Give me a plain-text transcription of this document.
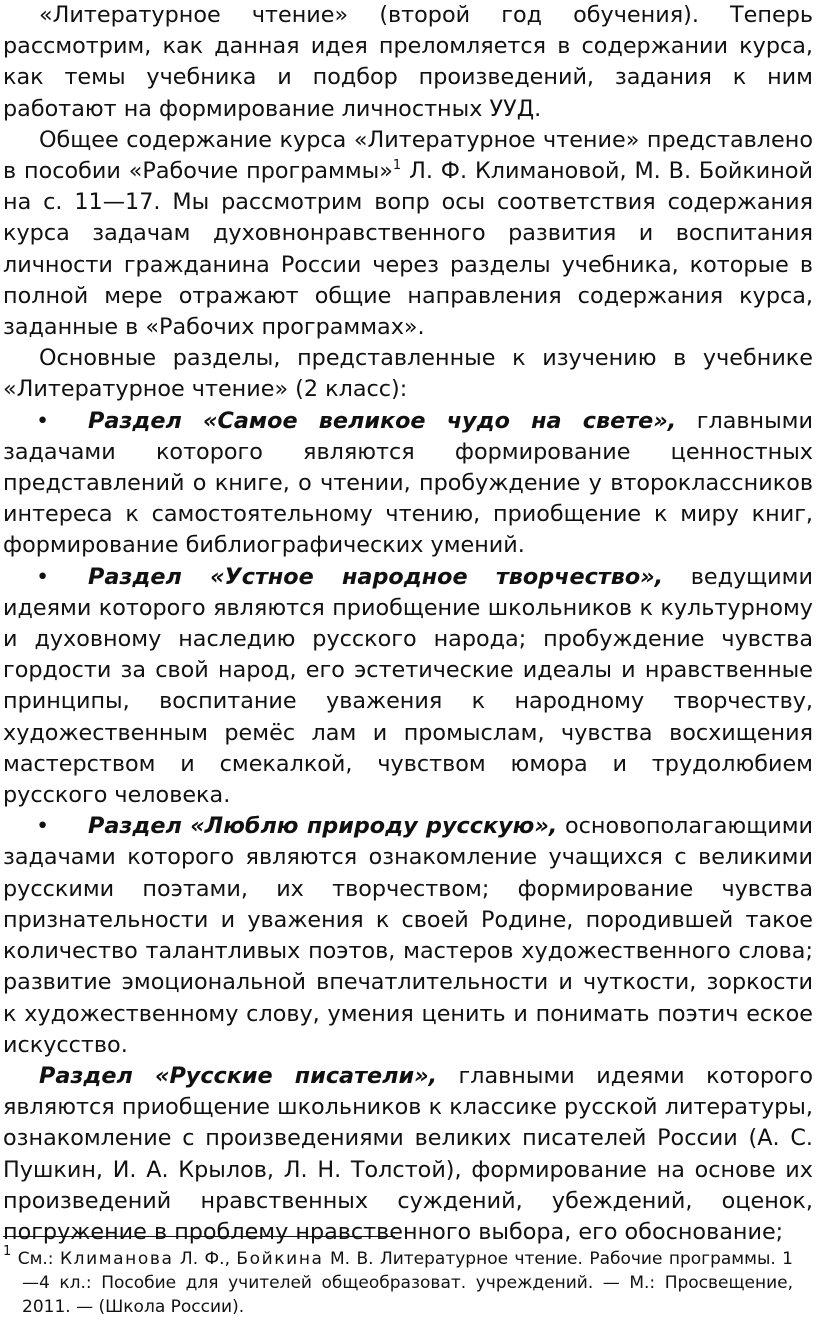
«Литературное чтение» (второй год обучения). Теперь рассмотрим, как данная идея преломляется в содержании курса, как темы учебника и подбор произведений, задания к ним работают на формирование личностных УУД.

Общее содержание курса «Литературное чтение» представлено в пособии «Рабочие программы»$^1$ Л. Ф. Климановой, М. В. Бойкиной на с. 11—17. Мы рассмотрим вопр осы соответствия содержания курса задачам духовнонравственного развития и воспитания личности гражданина России через разделы учебника, которые в полной мере отражают общие направления содержания курса, заданные в «Рабочих программах».

Основные разделы, представленные к изучению в учебнике «Литературное чтение» (2 класс):

• Раздел «Самое великое чудо на свете», главными задачами которого являются формирование ценностных представлений о книге, о чтении, пробуждение у второклассников интереса к самостоятельному чтению, приобщение к миру книг, формирование библиографических умений.

• Раздел «Устное народное творчество», ведущими идеями которого являются приобщение школьников к культурному и духовному наследию русского народа; пробуждение чувства гордости за свой народ, его эстетические идеалы и нравственные принципы, воспитание уважения к народному творчеству, художественным ремёс лам и промыслам, чувства восхищения мастерством и смекалкой, чувством юмора и трудолюбием русского человека.

• Раздел «Люблю природу русскую», основополагающими задачами которого являются ознакомление учащихся с великими русскими поэтами, их творчеством; формирование чувства признательности и уважения к своей Родине, породившей такое количество талантливых поэтов, мастеров художественного слова; развитие эмоциональной впечатлительности и чуткости, зоркости к художественному слову, умения ценить и понимать поэтич еское искусство.

Раздел «Русские писатели», главными идеями которого являются приобщение школьников к классике русской литературы, ознакомление с произведениями великих писателей России (А. С. Пушкин, И. А. Крылов, Л. Н. Толстой), формирование на основе их произведений нравственных суждений, убеждений, оценок, погружение в проблему нравственного выбора, его обоснование;

$^1$ См.: Климанова Л. Ф., Бойкина М. В. Литературное чтение. Рабочие программы. 1—4 кл.: Пособие для учителей общеобразоват. учреждений. — М.: Просвещение, 2011. — (Школа России).
